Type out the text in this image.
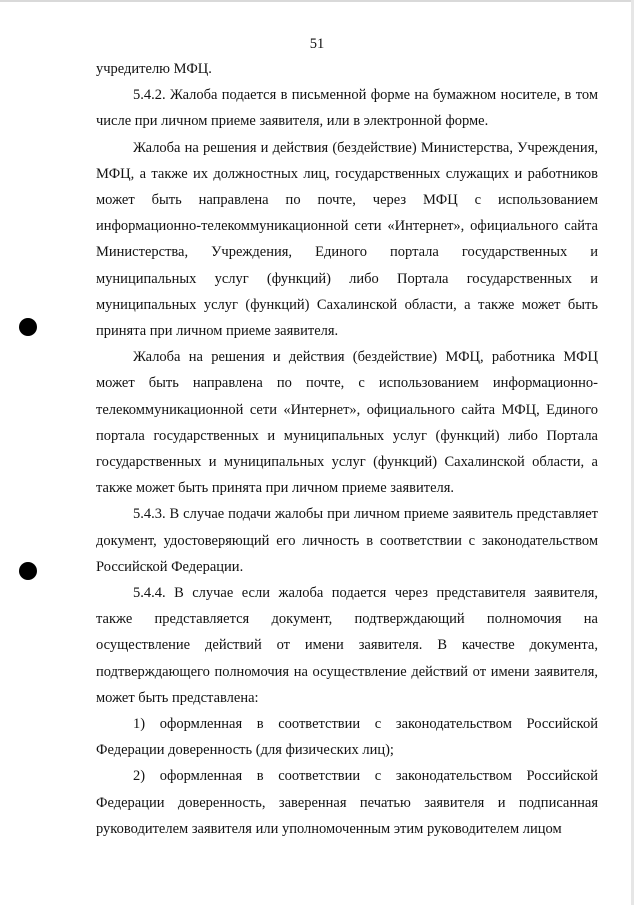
51

учредителю МФЦ.

5.4.2. Жалоба подается в письменной форме на бумажном носителе, в том числе при личном приеме заявителя, или в электронной форме.

Жалоба на решения и действия (бездействие) Министерства, Учреждения, МФЦ, а также их должностных лиц, государственных служащих и работников может быть направлена по почте, через МФЦ с использованием информационно-телекоммуникационной сети «Интернет», официального сайта Министерства, Учреждения, Единого портала государственных и муниципальных услуг (функций) либо Портала государственных и муниципальных услуг (функций) Сахалинской области, а также может быть принята при личном приеме заявителя.

Жалоба на решения и действия (бездействие) МФЦ, работника МФЦ может быть направлена по почте, с использованием информационно-телекоммуникационной сети «Интернет», официального сайта МФЦ, Единого портала государственных и муниципальных услуг (функций) либо Портала государственных и муниципальных услуг (функций) Сахалинской области, а также может быть принята при личном приеме заявителя.

5.4.3. В случае подачи жалобы при личном приеме заявитель представляет документ, удостоверяющий его личность в соответствии с законодательством Российской Федерации.

5.4.4. В случае если жалоба подается через представителя заявителя, также представляется документ, подтверждающий полномочия на осуществление действий от имени заявителя. В качестве документа, подтверждающего полномочия на осуществление действий от имени заявителя, может быть представлена:

1) оформленная в соответствии с законодательством Российской Федерации доверенность (для физических лиц);

2) оформленная в соответствии с законодательством Российской Федерации доверенность, заверенная печатью заявителя и подписанная руководителем заявителя или уполномоченным этим руководителем лицом
